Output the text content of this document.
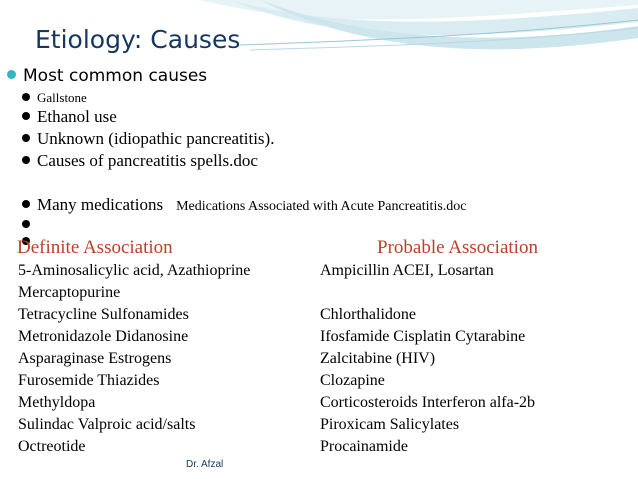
Etiology: Causes
Most common causes
Gallstone
Ethanol use
Unknown (idiopathic pancreatitis).
Causes of pancreatitis spells.doc
Many medications Medications Associated with Acute Pancreatitis.doc
Definite Association	Probable Association
5-Aminosalicylic acid, Azathioprine
Mercaptopurine
Tetracycline Sulfonamides
Metronidazole Didanosine
Asparaginase Estrogens
Furosemide Thiazides
Methyldopa
Sulindac Valproic acid/salts
Octreotide
Ampicillin ACEI, Losartan
Chlorthalidone
Ifosfamide Cisplatin Cytarabine
Zalcitabine (HIV)
Clozapine
Corticosteroids Interferon alfa-2b
Piroxicam Salicylates
Procainamide
Dr. Afzal
